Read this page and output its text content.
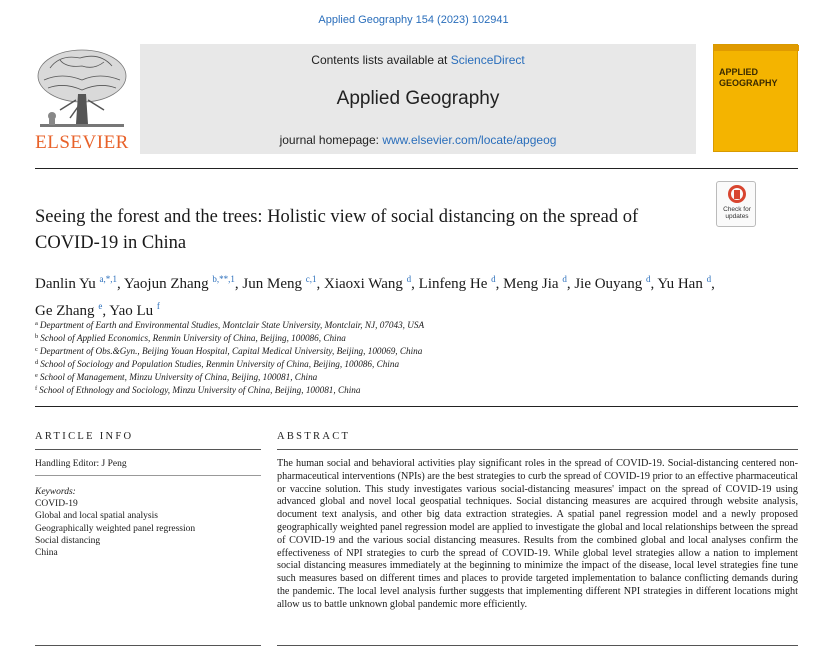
Applied Geography 154 (2023) 102941
ELSEVIER
Contents lists available at ScienceDirect
Applied Geography
journal homepage: www.elsevier.com/locate/apgeog
APPLIED
GEOGRAPHY
Check for
updates
Seeing the forest and the trees: Holistic view of social distancing on the spread of COVID-19 in China
Danlin Yu $^{a,*,1}$, Yaojun Zhang $^{b,**,1}$, Jun Meng $^{c,1}$, Xiaoxi Wang $^d$, Linfeng He $^d$, Meng Jia $^d$, Jie Ouyang $^d$, Yu Han $^d$, Ge Zhang $^e$, Yao Lu $^f$
$^a$ Department of Earth and Environmental Studies, Montclair State University, Montclair, NJ, 07043, USA
$^b$ School of Applied Economics, Renmin University of China, Beijing, 100086, China
$^c$ Department of Obs.&Gyn., Beijing Youan Hospital, Capital Medical University, Beijing, 100069, China
$^d$ School of Sociology and Population Studies, Renmin University of China, Beijing, 100086, China
$^e$ School of Management, Minzu University of China, Beijing, 100081, China
$^f$ School of Ethnology and Sociology, Minzu University of China, Beijing, 100081, China
ARTICLE INFO	ABSTRACT
Handling Editor: J Peng
Keywords:
COVID-19
Global and local spatial analysis
Geographically weighted panel regression
Social distancing
China
The human social and behavioral activities play significant roles in the spread of COVID-19. Social-distancing centered non-pharmaceutical interventions (NPIs) are the best strategies to curb the spread of COVID-19 prior to an effective pharmaceutical or vaccine solution. This study investigates various social-distancing measures' impact on the spread of COVID-19 using advanced global and novel local geospatial techniques. Social distancing measures are acquired through website analysis, document text analysis, and other big data extraction strategies. A spatial panel regression model and a newly proposed geographically weighted panel regression model are applied to investigate the global and local relationships between the spread of COVID-19 and the various social distancing measures. Results from the combined global and local analyses confirm the effectiveness of NPI strategies to curb the spread of COVID-19. While global level strategies allow a nation to implement social distancing measures immediately at the beginning to minimize the impact of the disease, local level strategies fine tune such measures based on different times and places to provide targeted implementation to balance conflicting demands during the pandemic. The local level analysis further suggests that implementing different NPI strategies in different locations might allow us to battle unknown global pandemic more efficiently.
